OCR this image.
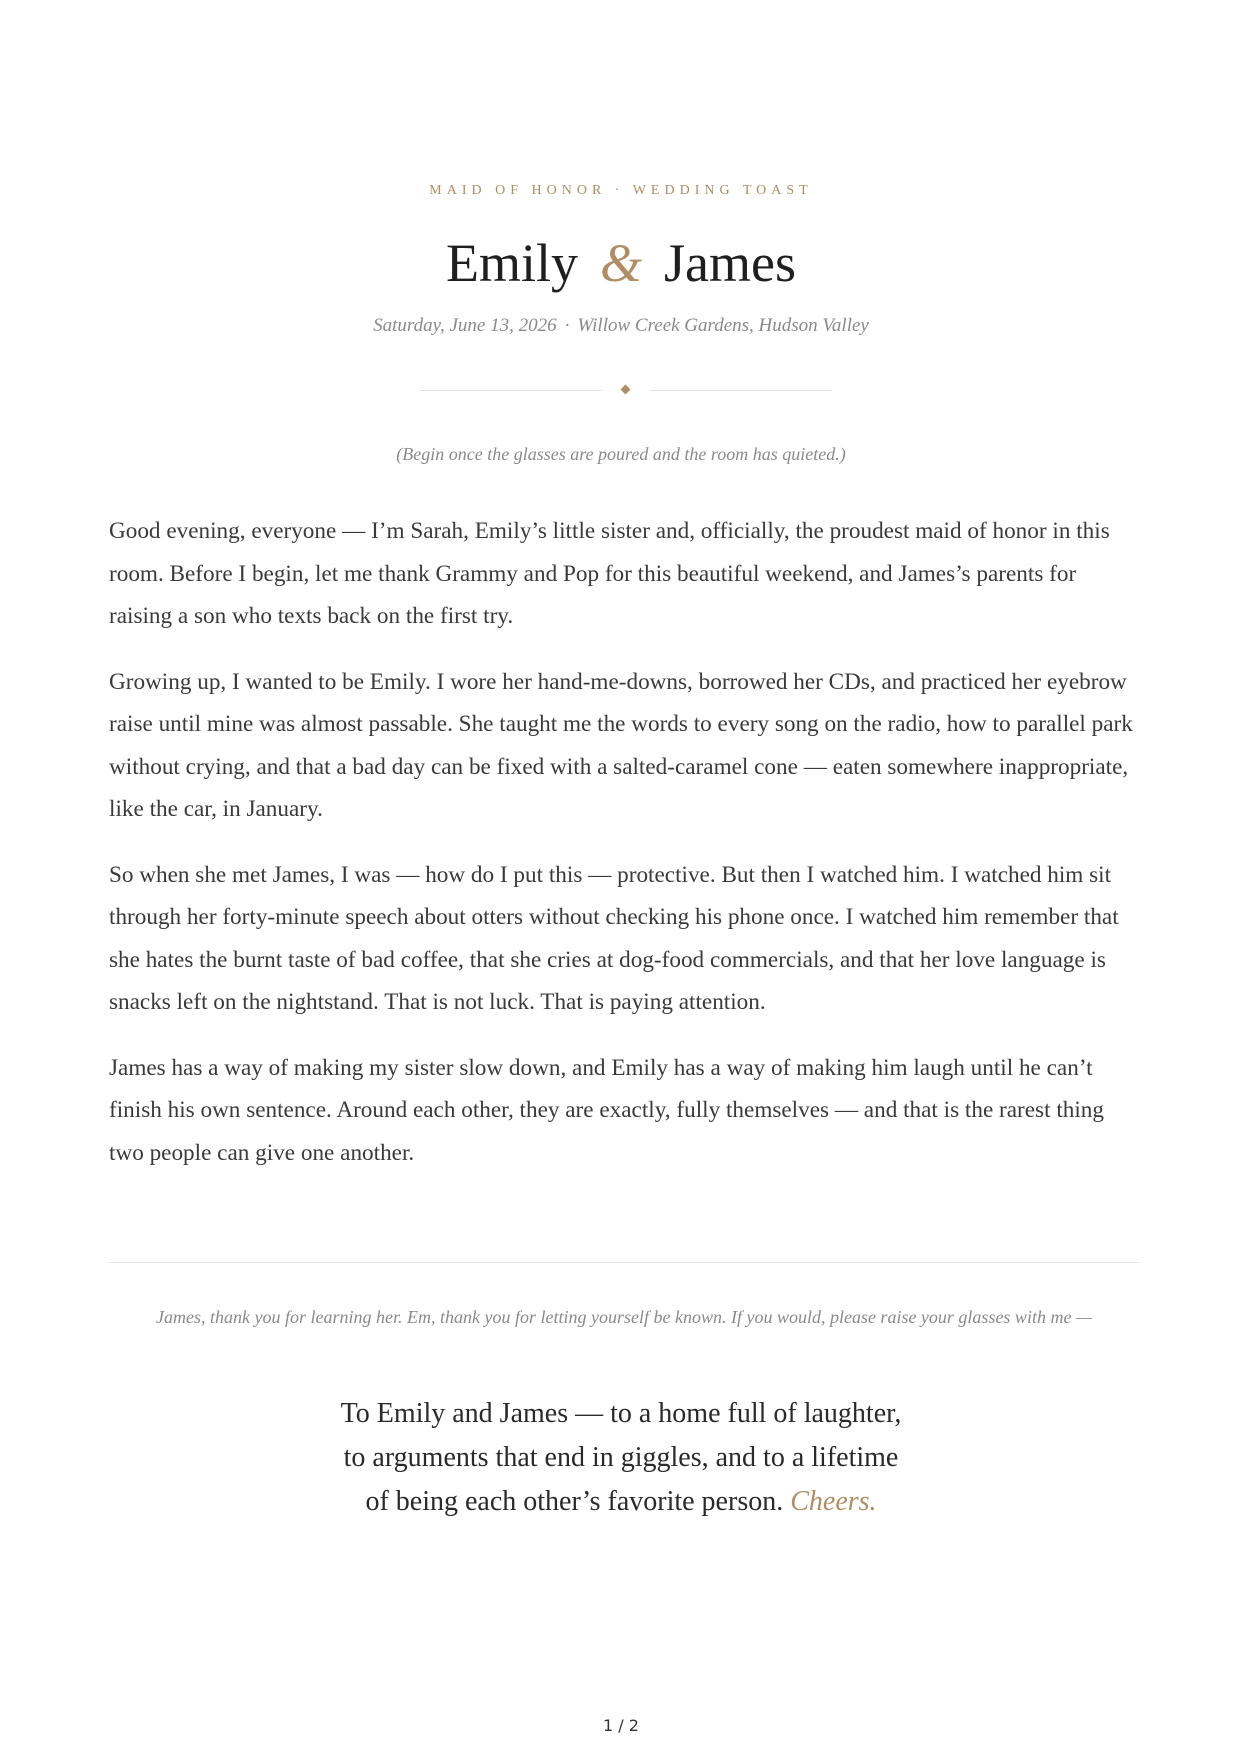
MAID OF HONOR · WEDDING TOAST
Emily & James
Saturday, June 13, 2026 · Willow Creek Gardens, Hudson Valley
(Begin once the glasses are poured and the room has quieted.)

Good evening, everyone — I’m Sarah, Emily’s little sister and, officially, the proudest maid of honor in this room. Before I begin, let me thank Grammy and Pop for this beautiful weekend, and James’s parents for raising a son who texts back on the first try.

Growing up, I wanted to be Emily. I wore her hand-me-downs, borrowed her CDs, and practiced her eyebrow raise until mine was almost passable. She taught me the words to every song on the radio, how to parallel park without crying, and that a bad day can be fixed with a salted-caramel cone — eaten somewhere inappropriate, like the car, in January.

So when she met James, I was — how do I put this — protective. But then I watched him. I watched him sit through her forty-minute speech about otters without checking his phone once. I watched him remember that she hates the burnt taste of bad coffee, that she cries at dog-food commercials, and that her love language is snacks left on the nightstand. That is not luck. That is paying attention.

James has a way of making my sister slow down, and Emily has a way of making him laugh until he can’t finish his own sentence. Around each other, they are exactly, fully themselves — and that is the rarest thing two people can give one another.

James, thank you for learning her. Em, thank you for letting yourself be known. If you would, please raise your glasses with me —
To Emily and James — to a home full of laughter,
to arguments that end in giggles, and to a lifetime
of being each other’s favorite person. Cheers.
1 / 2
